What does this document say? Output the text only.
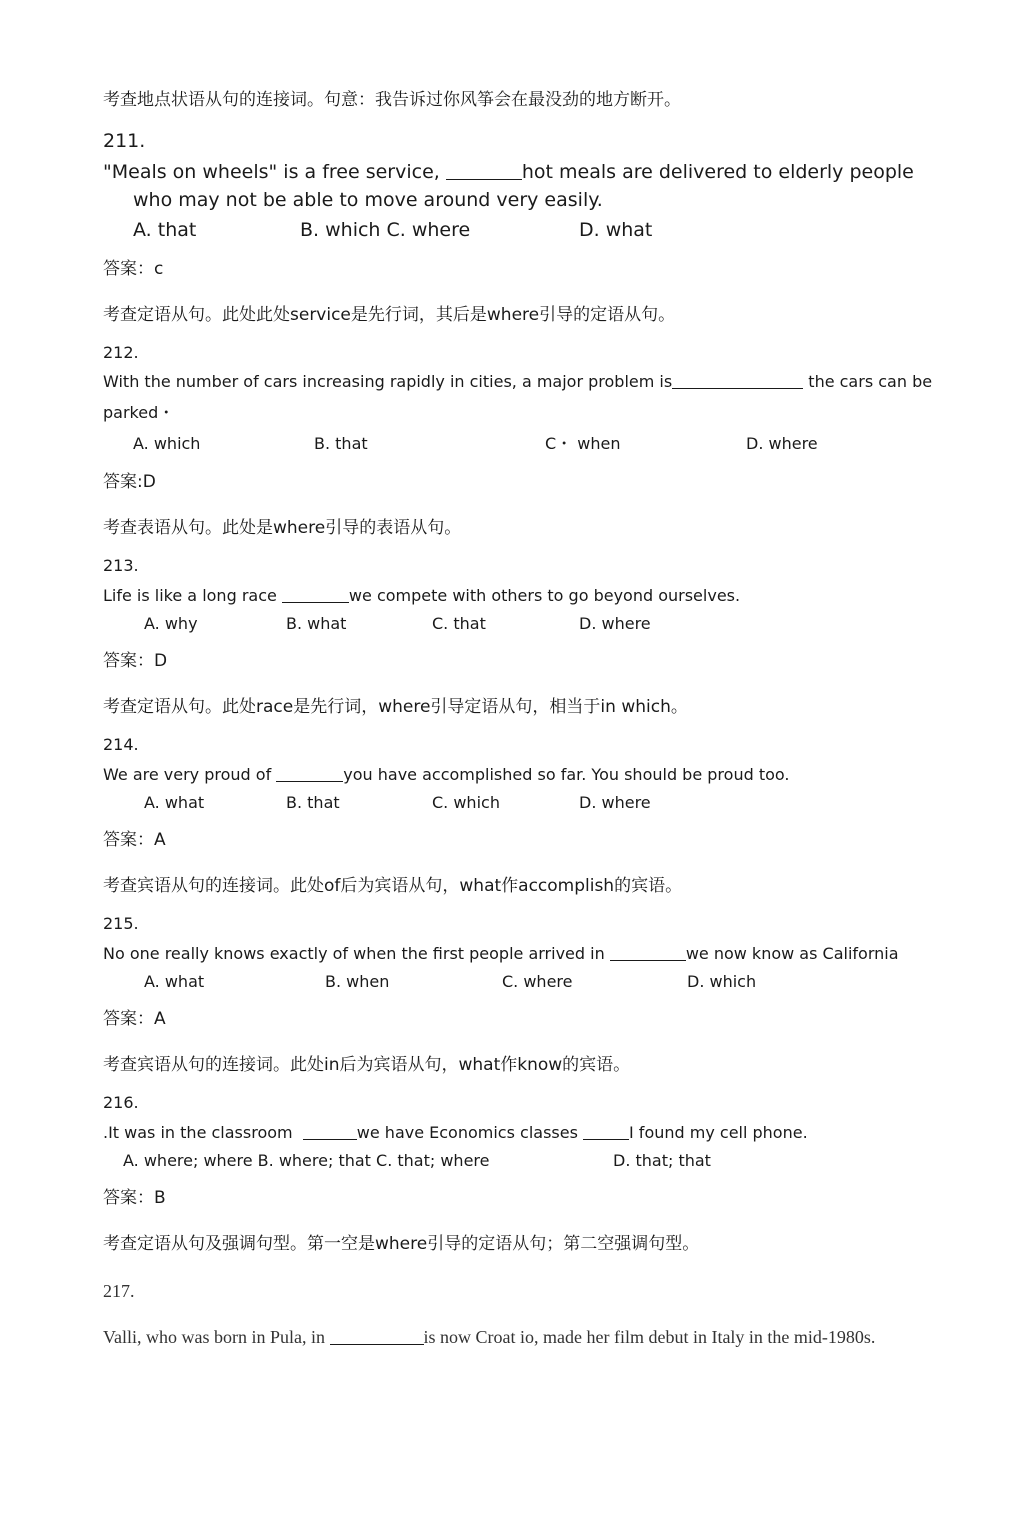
考查地点状语从句的连接词。句意：我告诉过你风筝会在最没劲的地方断开。
211.
"Meals on wheels" is a free service,	hot meals are delivered to elderly people
who may not be able to move around very easily.
A. that	B. which C. where	D. what
答案：c
考查定语从句。此处此处service是先行词，其后是where引导的定语从句。
212.
With the number of cars increasing rapidly in cities, a major problem is	the cars can be
parked・
A. which	B. that	C・ when	D. where
答案:D
考查表语从句。此处是where引导的表语从句。
213.
Life is like a long race	we compete with others to go beyond ourselves.
A. why	B. what	C. that	D. where
答案：D
考查定语从句。此处race是先行词，where引导定语从句，相当于in which。
214.
We are very proud of	you have accomplished so far. You should be proud too.
A. what	B. that	C. which	D. where
答案：A
考查宾语从句的连接词。此处of后为宾语从句，what作accomplish的宾语。
215.
No one really knows exactly of when the first people arrived in	we now know as California
A. what	B. when	C. where	D. which
答案：A
考查宾语从句的连接词。此处in后为宾语从句，what作know的宾语。
216.
.It was in the classroom	we have Economics classes	I found my cell phone.
A. where; where B. where; that C. that; where	D. that; that
答案：B
考查定语从句及强调句型。第一空是where引导的定语从句；第二空强调句型。
217.
Valli, who was born in Pula, in	is now Croat io, made her film debut in Italy in the mid-1980s.
